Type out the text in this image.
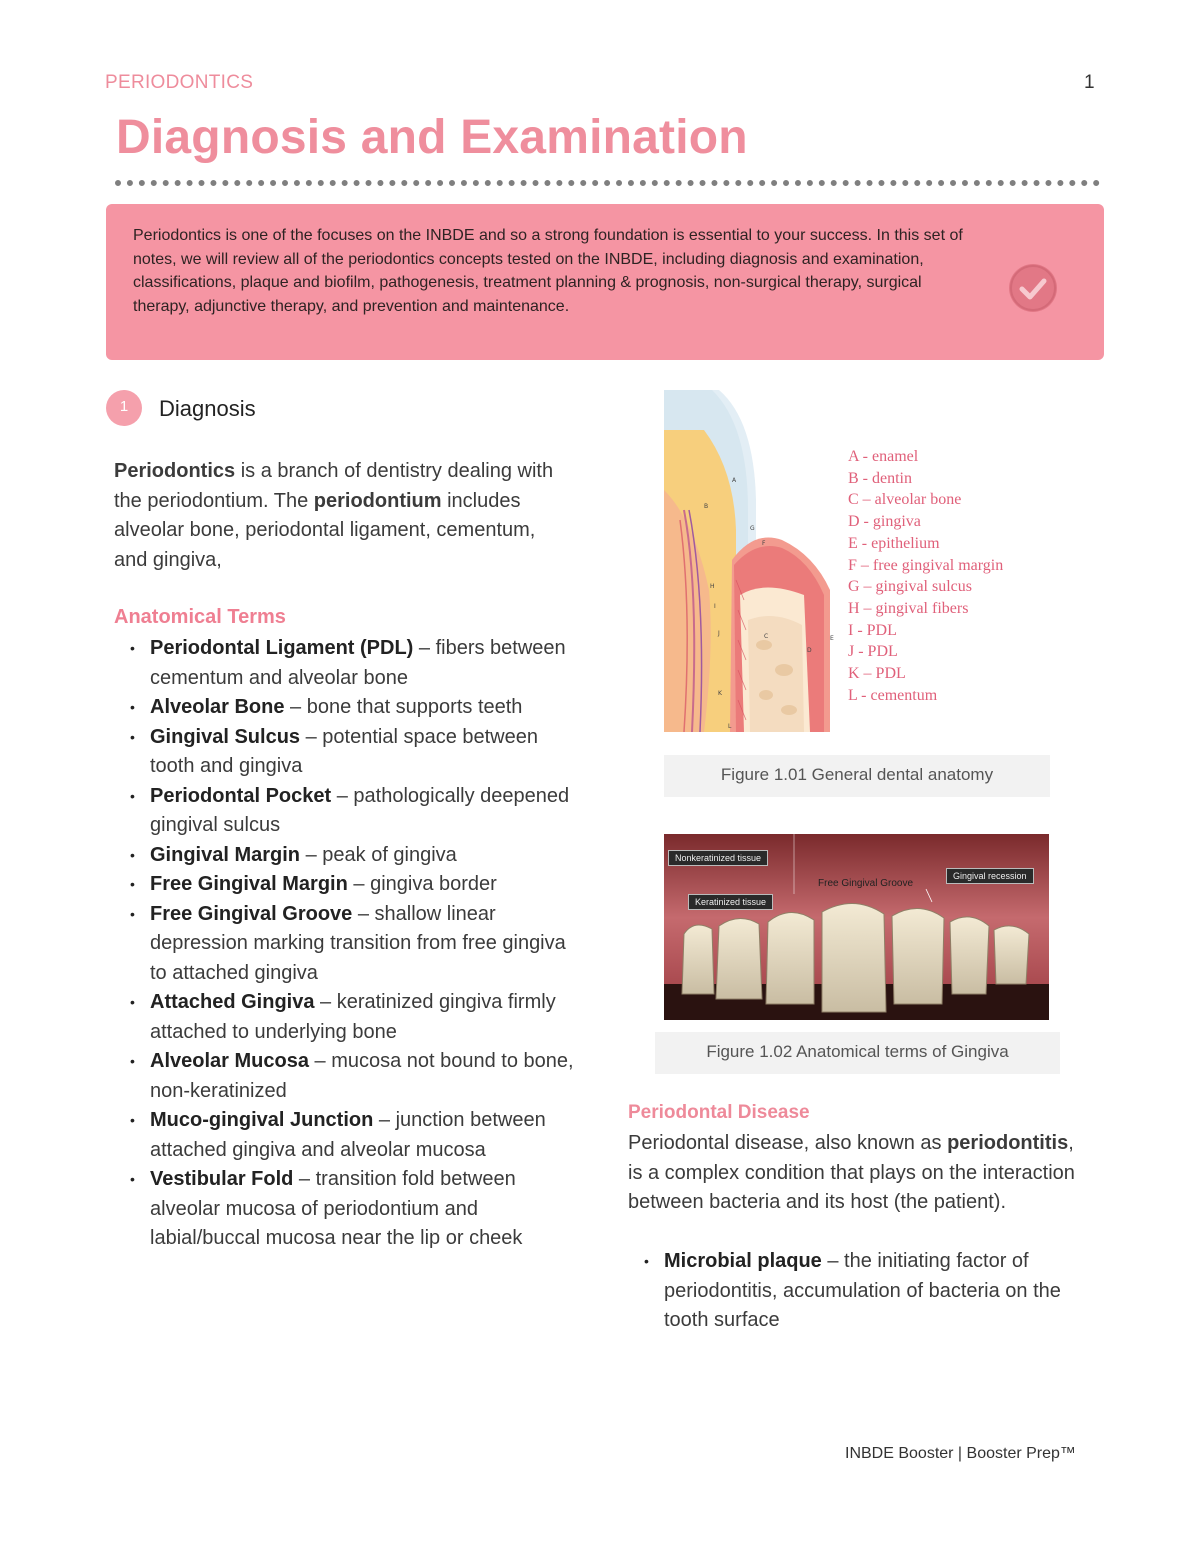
PERIODONTICS	1
Diagnosis and Examination
Periodontics is one of the focuses on the INBDE and so a strong foundation is essential to your success. In this set of notes, we will review all of the periodontics concepts tested on the INBDE, including diagnosis and examination, classifications, plaque and biofilm, pathogenesis, treatment planning & prognosis, non-surgical therapy, surgical therapy, adjunctive therapy, and prevention and maintenance.
1	Diagnosis
Periodontics is a branch of dentistry dealing with the periodontium. The periodontium includes alveolar bone, periodontal ligament, cementum, and gingiva,
Anatomical Terms
• Periodontal Ligament (PDL) – fibers between cementum and alveolar bone
• Alveolar Bone – bone that supports teeth
• Gingival Sulcus – potential space between tooth and gingiva
• Periodontal Pocket – pathologically deepened gingival sulcus
• Gingival Margin – peak of gingiva
• Free Gingival Margin – gingiva border
• Free Gingival Groove – shallow linear depression marking transition from free gingiva to attached gingiva
• Attached Gingiva – keratinized gingiva firmly attached to underlying bone
• Alveolar Mucosa – mucosa not bound to bone, non-keratinized
• Muco-gingival Junction – junction between attached gingiva and alveolar mucosa
• Vestibular Fold – transition fold between alveolar mucosa of periodontium and labial/buccal mucosa near the lip or cheek
A
B
G
F
H
I
J	C
D
E
K
L
A - enamel
B - dentin
C – alveolar bone
D - gingiva
E - epithelium
F – free gingival margin
G – gingival sulcus
H – gingival fibers
I - PDL
J - PDL
K – PDL
L - cementum
Figure 1.01 General dental anatomy
Nonkeratinized tissue
Keratinized tissue
Free Gingival Groove
Gingival recession
Figure 1.02 Anatomical terms of Gingiva
Periodontal Disease
Periodontal disease, also known as periodontitis, is a complex condition that plays on the interaction between bacteria and its host (the patient).
• Microbial plaque – the initiating factor of periodontitis, accumulation of bacteria on the tooth surface
INBDE Booster | Booster Prep™
